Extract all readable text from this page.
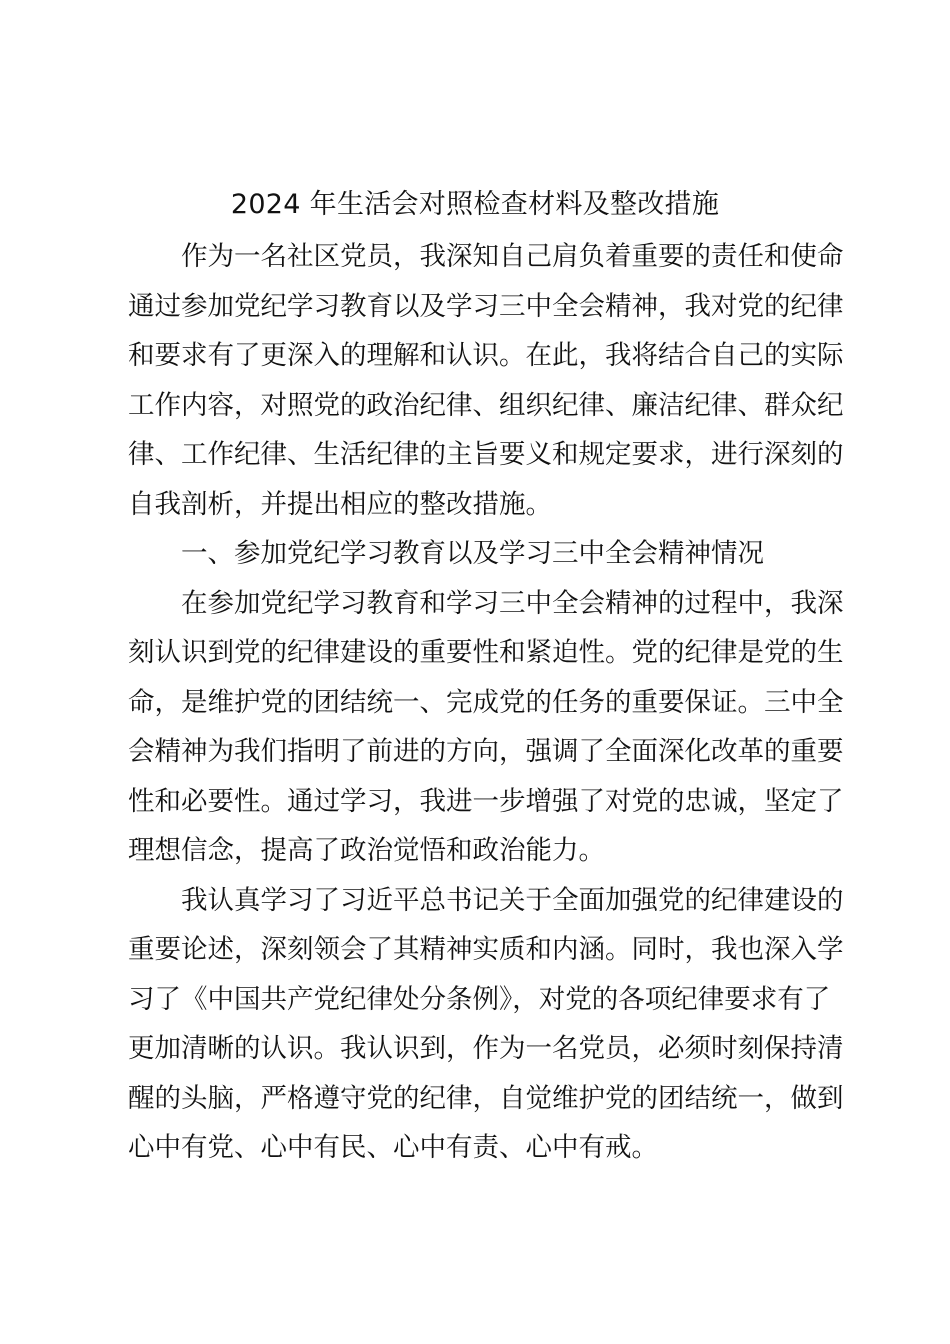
2024 年生活会对照检查材料及整改措施

作为一名社区党员，我深知自己肩负着重要的责任和使命
通过参加党纪学习教育以及学习三中全会精神，我对党的纪律
和要求有了更深入的理解和认识。在此，我将结合自己的实际
工作内容，对照党的政治纪律、组织纪律、廉洁纪律、群众纪
律、工作纪律、生活纪律的主旨要义和规定要求，进行深刻的
自我剖析，并提出相应的整改措施。

一、参加党纪学习教育以及学习三中全会精神情况

在参加党纪学习教育和学习三中全会精神的过程中，我深
刻认识到党的纪律建设的重要性和紧迫性。党的纪律是党的生
命，是维护党的团结统一、完成党的任务的重要保证。三中全
会精神为我们指明了前进的方向，强调了全面深化改革的重要
性和必要性。通过学习，我进一步增强了对党的忠诚，坚定了
理想信念，提高了政治觉悟和政治能力。

我认真学习了习近平总书记关于全面加强党的纪律建设的
重要论述，深刻领会了其精神实质和内涵。同时，我也深入学
习了《中国共产党纪律处分条例》，对党的各项纪律要求有了
更加清晰的认识。我认识到，作为一名党员，必须时刻保持清
醒的头脑，严格遵守党的纪律，自觉维护党的团结统一，做到
心中有党、心中有民、心中有责、心中有戒。
